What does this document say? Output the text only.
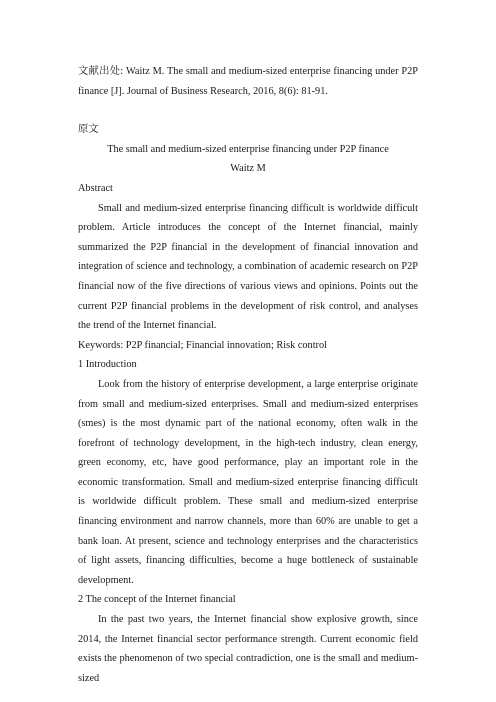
文献出处: Waitz M. The small and medium-sized enterprise financing under P2P finance [J]. Journal of Business Research, 2016, 8(6): 81-91.

原文

The small and medium-sized enterprise financing under P2P finance

Waitz M

Abstract

Small and medium-sized enterprise financing difficult is worldwide difficult problem. Article introduces the concept of the Internet financial, mainly summarized the P2P financial in the development of financial innovation and integration of science and technology, a combination of academic research on P2P financial now of the five directions of various views and opinions. Points out the current P2P financial problems in the development of risk control, and analyses the trend of the Internet financial.

Keywords: P2P financial; Financial innovation; Risk control

1 Introduction

Look from the history of enterprise development, a large enterprise originate from small and medium-sized enterprises. Small and medium-sized enterprises (smes) is the most dynamic part of the national economy, often walk in the forefront of technology development, in the high-tech industry, clean energy, green economy, etc, have good performance, play an important role in the economic transformation. Small and medium-sized enterprise financing difficult is worldwide difficult problem. These small and medium-sized enterprise financing environment and narrow channels, more than 60% are unable to get a bank loan. At present, science and technology enterprises and the characteristics of light assets, financing difficulties, become a huge bottleneck of sustainable development.

2 The concept of the Internet financial

In the past two years, the Internet financial show explosive growth, since 2014, the Internet financial sector performance strength. Current economic field exists the phenomenon of two special contradiction, one is the small and medium-sized
